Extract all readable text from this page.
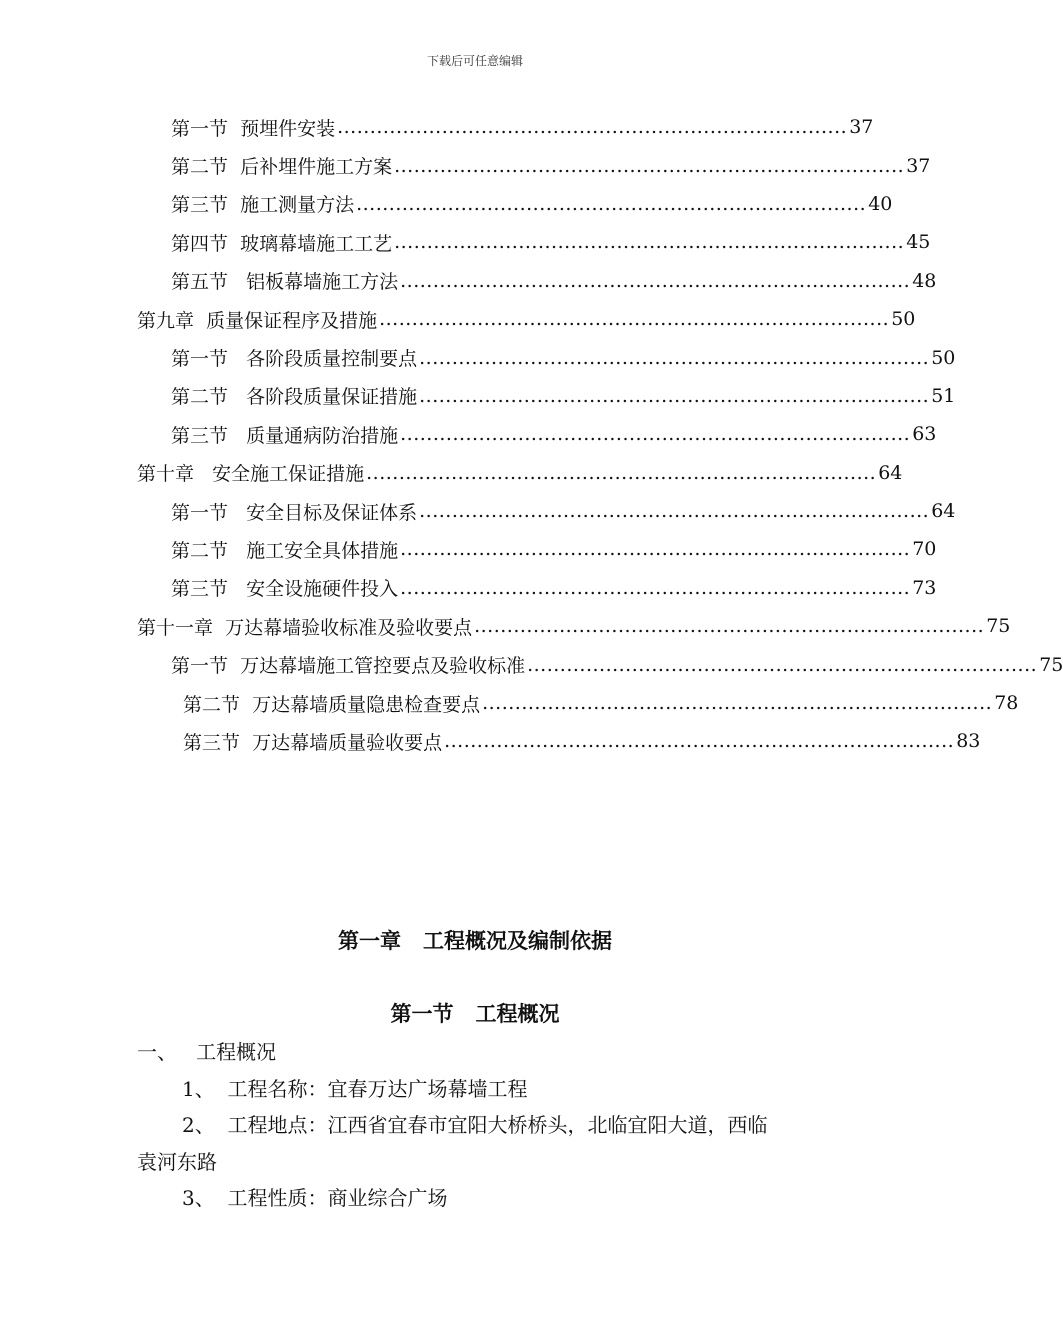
下载后可任意编辑
第一节  预埋件安装 .............................................................................. 37
第二节  后补埋件施工方案 .............................................................................. 37
第三节  施工测量方法 .............................................................................. 40
第四节  玻璃幕墙施工工艺 .............................................................................. 45
第五节   铝板幕墙施工方法 .............................................................................. 48
第九章  质量保证程序及措施 .............................................................................. 50
第一节   各阶段质量控制要点 .............................................................................. 50
第二节   各阶段质量保证措施 .............................................................................. 51
第三节   质量通病防治措施 .............................................................................. 63
第十章   安全施工保证措施 .............................................................................. 64
第一节   安全目标及保证体系 .............................................................................. 64
第二节   施工安全具体措施 .............................................................................. 70
第三节   安全设施硬件投入 .............................................................................. 73
第十一章  万达幕墙验收标准及验收要点 .............................................................................. 75
第一节  万达幕墙施工管控要点及验收标准 .............................................................................. 75
第二节  万达幕墙质量隐患检查要点 .............................................................................. 78
第三节  万达幕墙质量验收要点 .............................................................................. 83
第一章   工程概况及编制依据
第一节   工程概况
一、   工程概况
1、  工程名称：宜春万达广场幕墙工程
2、  工程地点：江西省宜春市宜阳大桥桥头，北临宜阳大道，西临
袁河东路
3、  工程性质：商业综合广场
